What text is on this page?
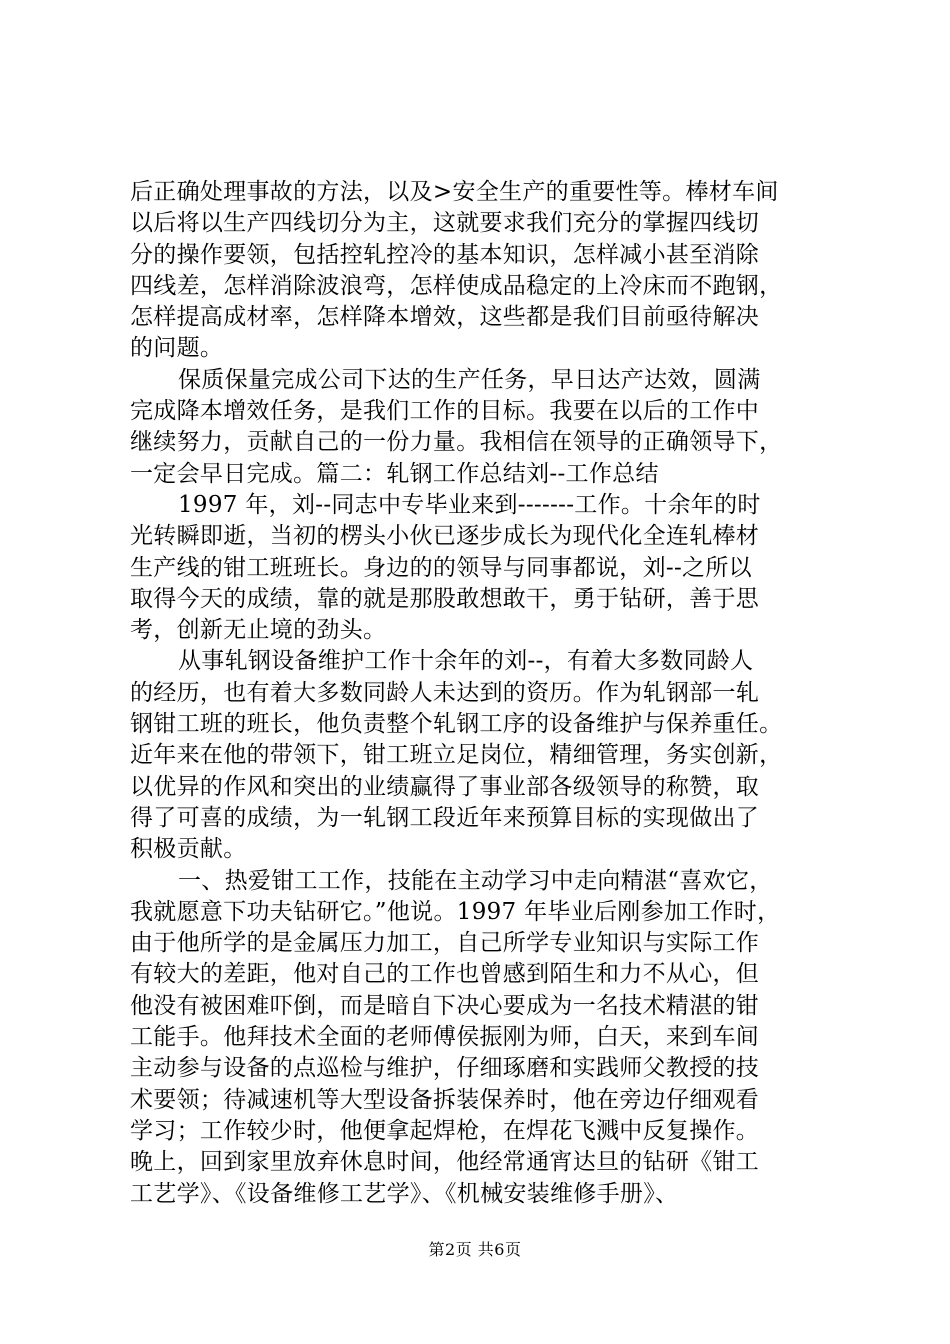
后正确处理事故的方法，以及>安全生产的重要性等。棒材车间
以后将以生产四线切分为主，这就要求我们充分的掌握四线切
分的操作要领，包括控轧控冷的基本知识，怎样减小甚至消除
四线差，怎样消除波浪弯，怎样使成品稳定的上冷床而不跑钢，
怎样提高成材率，怎样降本增效，这些都是我们目前亟待解决
的问题。
保质保量完成公司下达的生产任务，早日达产达效，圆满
完成降本增效任务，是我们工作的目标。我要在以后的工作中
继续努力，贡献自己的一份力量。我相信在领导的正确领导下，
一定会早日完成。篇二：轧钢工作总结刘--工作总结
1997 年，刘--同志中专毕业来到-------工作。十余年的时
光转瞬即逝，当初的楞头小伙已逐步成长为现代化全连轧棒材
生产线的钳工班班长。身边的的领导与同事都说，刘--之所以
取得今天的成绩，靠的就是那股敢想敢干，勇于钻研，善于思
考，创新无止境的劲头。
从事轧钢设备维护工作十余年的刘--，有着大多数同龄人
的经历，也有着大多数同龄人未达到的资历。作为轧钢部一轧
钢钳工班的班长，他负责整个轧钢工序的设备维护与保养重任。
近年来在他的带领下，钳工班立足岗位，精细管理，务实创新，
以优异的作风和突出的业绩赢得了事业部各级领导的称赞，取
得了可喜的成绩，为一轧钢工段近年来预算目标的实现做出了
积极贡献。
一、热爱钳工工作，技能在主动学习中走向精湛“喜欢它，
我就愿意下功夫钻研它。”他说。1997 年毕业后刚参加工作时，
由于他所学的是金属压力加工，自己所学专业知识与实际工作
有较大的差距，他对自己的工作也曾感到陌生和力不从心，但
他没有被困难吓倒，而是暗自下决心要成为一名技术精湛的钳
工能手。他拜技术全面的老师傅侯振刚为师，白天，来到车间
主动参与设备的点巡检与维护，仔细琢磨和实践师父教授的技
术要领；待减速机等大型设备拆装保养时，他在旁边仔细观看
学习；工作较少时，他便拿起焊枪，在焊花飞溅中反复操作。
晚上，回到家里放弃休息时间，他经常通宵达旦的钻研《钳工
工艺学》、《设备维修工艺学》、《机械安装维修手册》、
第2页 共6页
